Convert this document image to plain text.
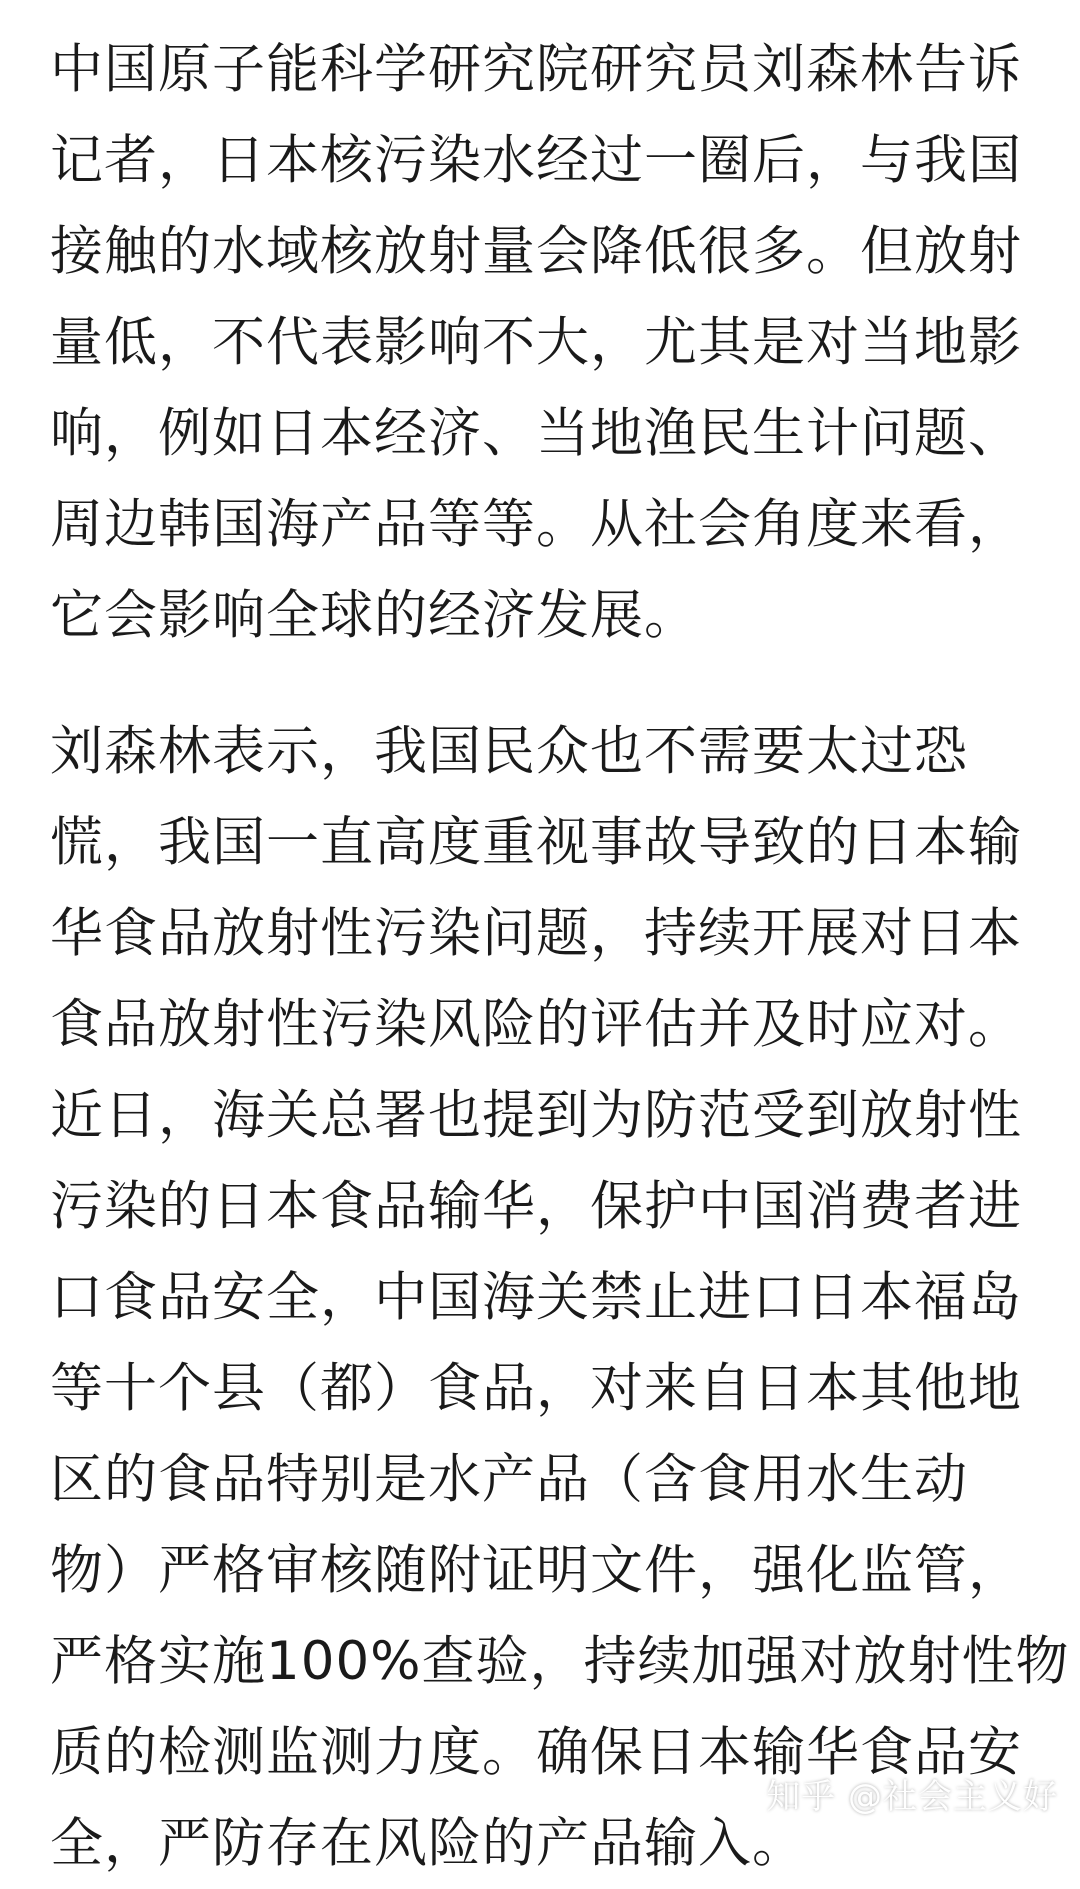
中国原子能科学研究院研究员刘森林告诉
记者，日本核污染水经过一圈后，与我国
接触的水域核放射量会降低很多。但放射
量低，不代表影响不大，尤其是对当地影
响，例如日本经济、当地渔民生计问题、
周边韩国海产品等等。从社会角度来看，
它会影响全球的经济发展。
刘森林表示，我国民众也不需要太过恐
慌，我国一直高度重视事故导致的日本输
华食品放射性污染问题，持续开展对日本
食品放射性污染风险的评估并及时应对。
近日，海关总署也提到为防范受到放射性
污染的日本食品输华，保护中国消费者进
口食品安全，中国海关禁止进口日本福岛
等十个县（都）食品，对来自日本其他地
区的食品特别是水产品（含食用水生动
物）严格审核随附证明文件，强化监管，
严格实施100%查验，持续加强对放射性物
质的检测监测力度。确保日本输华食品安
全，严防存在风险的产品输入。
知乎 @社会主义好
